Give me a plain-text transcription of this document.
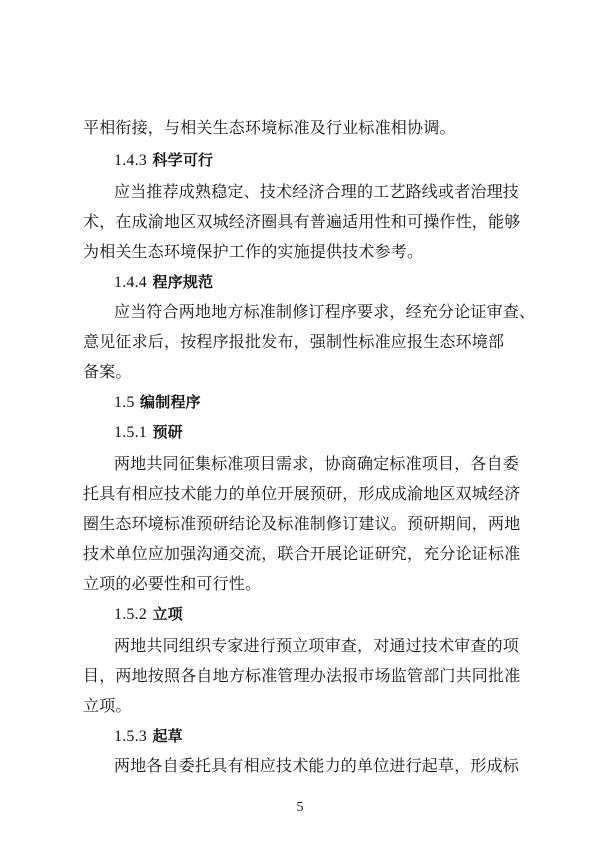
平相衔接，与相关生态环境标准及行业标准相协调。
1.4.3 科学可行
应当推荐成熟稳定、技术经济合理的工艺路线或者治理技
术，在成渝地区双城经济圈具有普遍适用性和可操作性，能够
为相关生态环境保护工作的实施提供技术参考。
1.4.4 程序规范
应当符合两地地方标准制修订程序要求，经充分论证审查、
意见征求后，按程序报批发布，强制性标准应报生态环境部
备案。
1.5 编制程序
1.5.1 预研
两地共同征集标准项目需求，协商确定标准项目，各自委
托具有相应技术能力的单位开展预研，形成成渝地区双城经济
圈生态环境标准预研结论及标准制修订建议。预研期间，两地
技术单位应加强沟通交流，联合开展论证研究，充分论证标准
立项的必要性和可行性。
1.5.2 立项
两地共同组织专家进行预立项审查，对通过技术审查的项
目，两地按照各自地方标准管理办法报市场监管部门共同批准
立项。
1.5.3 起草
两地各自委托具有相应技术能力的单位进行起草，形成标
5
